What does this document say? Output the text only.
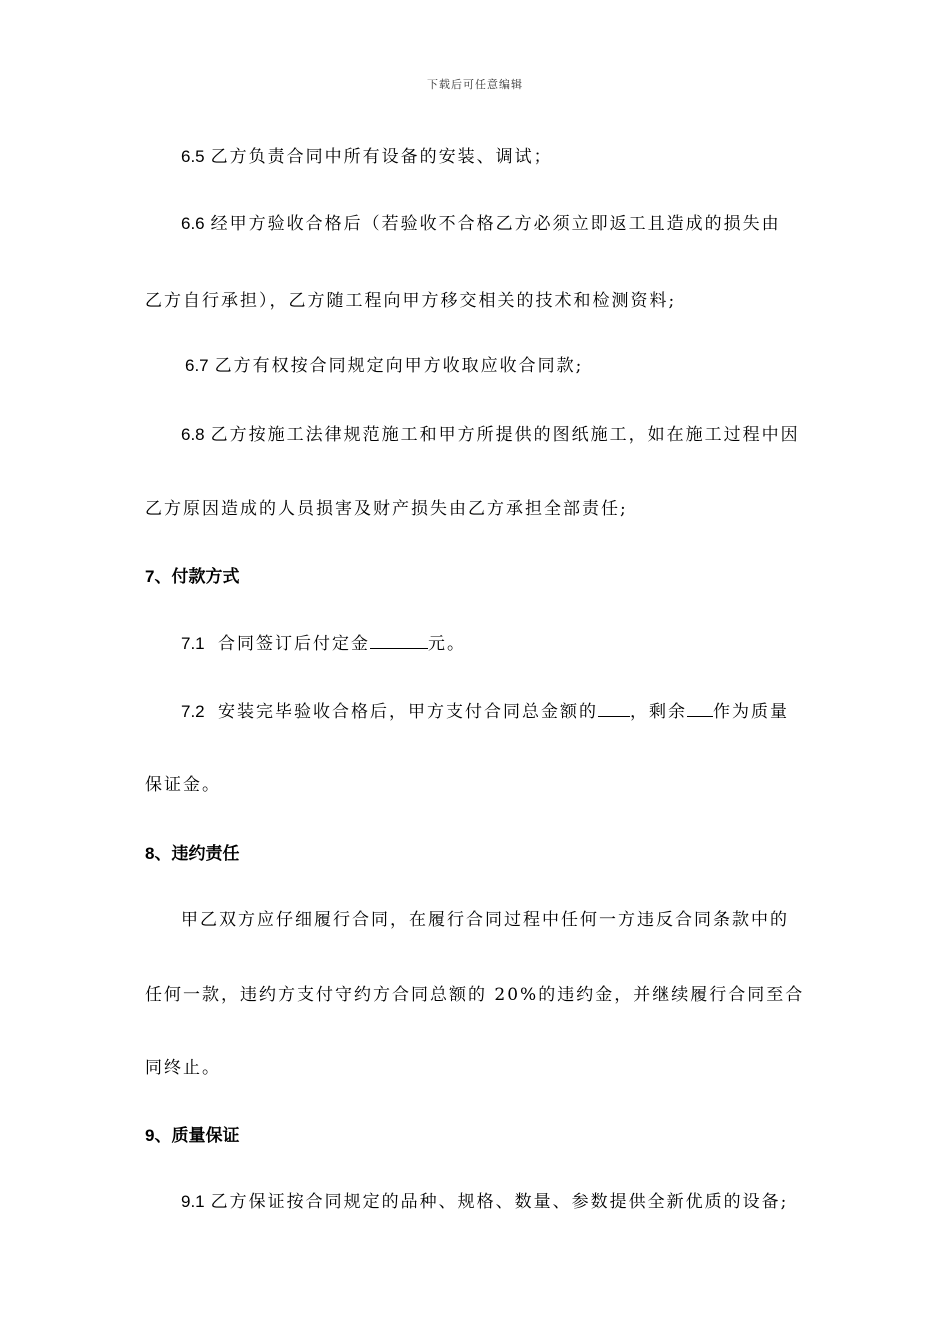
下载后可任意编辑
6.5 乙方负责合同中所有设备的安装、调试；
6.6 经甲方验收合格后（若验收不合格乙方必须立即返工且造成的损失由
乙方自行承担），乙方随工程向甲方移交相关的技术和检测资料;
6.7 乙方有权按合同规定向甲方收取应收合同款;
6.8 乙方按施工法律规范施工和甲方所提供的图纸施工，如在施工过程中因
乙方原因造成的人员损害及财产损失由乙方承担全部责任;
7、付款方式
7.1 合同签订后付定金	元。
7.2 安装完毕验收合格后，甲方支付合同总金额的 ，剩余 作为质量
保证金。
8、违约责任
甲乙双方应仔细履行合同，在履行合同过程中任何一方违反合同条款中的
任何一款，违约方支付守约方合同总额的 20%的违约金，并继续履行合同至合
同终止。
9、质量保证
9.1 乙方保证按合同规定的品种、规格、数量、参数提供全新优质的设备;
